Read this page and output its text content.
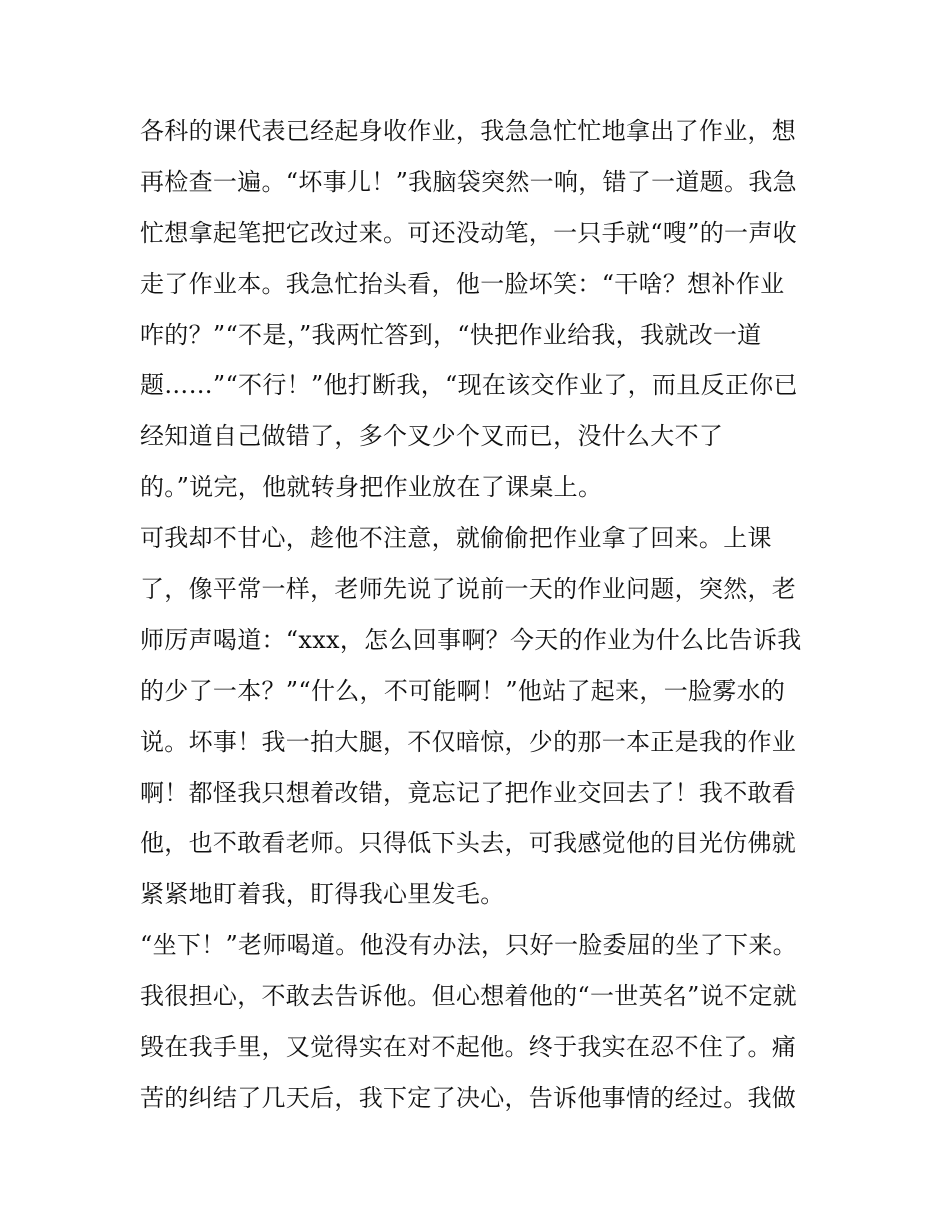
各科的课代表已经起身收作业，我急急忙忙地拿出了作业，想
再检查一遍。“坏事儿！”我脑袋突然一响，错了一道题。我急
忙想拿起笔把它改过来。可还没动笔，一只手就“嗖”的一声收
走了作业本。我急忙抬头看，他一脸坏笑：“干啥？想补作业
咋的？”“不是，”我两忙答到，“快把作业给我，我就改一道
题……”“不行！”他打断我，“现在该交作业了，而且反正你已
经知道自己做错了，多个叉少个叉而已，没什么大不了
的。”说完，他就转身把作业放在了课桌上。
可我却不甘心，趁他不注意，就偷偷把作业拿了回来。上课
了，像平常一样，老师先说了说前一天的作业问题，突然，老
师厉声喝道：“xxx，怎么回事啊？今天的作业为什么比告诉我
的少了一本？”“什么，不可能啊！”他站了起来，一脸雾水的
说。坏事！我一拍大腿，不仅暗惊，少的那一本正是我的作业
啊！都怪我只想着改错，竟忘记了把作业交回去了！我不敢看
他，也不敢看老师。只得低下头去，可我感觉他的目光仿佛就
紧紧地盯着我，盯得我心里发毛。
“坐下！”老师喝道。他没有办法，只好一脸委屈的坐了下来。
我很担心，不敢去告诉他。但心想着他的“一世英名”说不定就
毁在我手里，又觉得实在对不起他。终于我实在忍不住了。痛
苦的纠结了几天后，我下定了决心，告诉他事情的经过。我做
